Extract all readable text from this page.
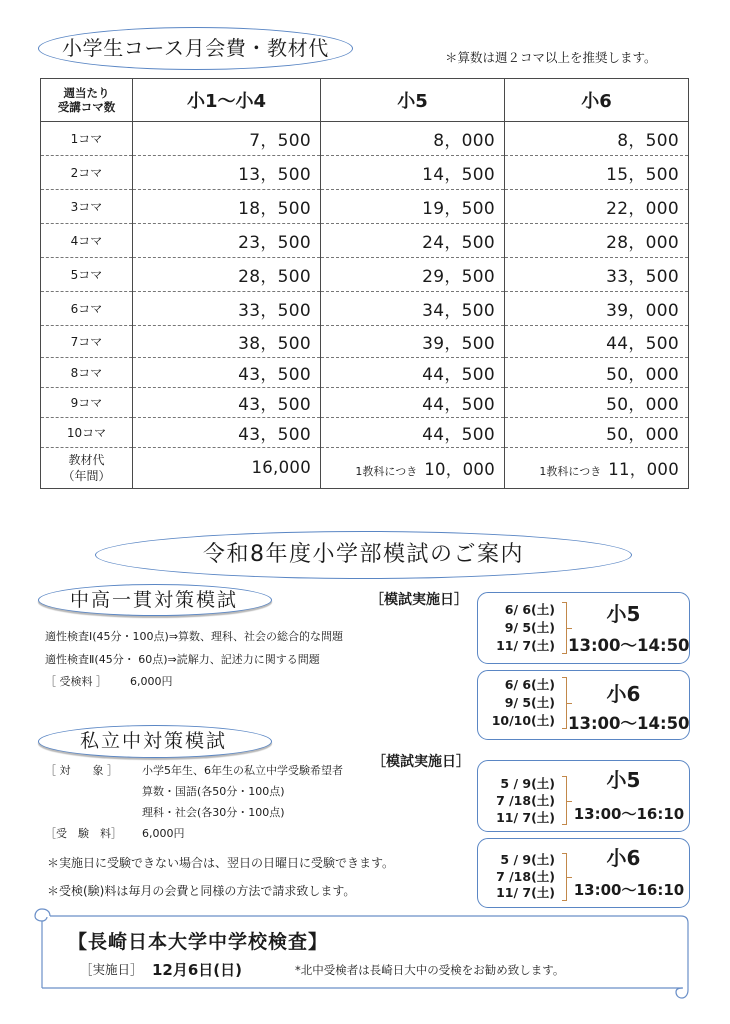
小学生コース月会費・教材代	＊算数は週２コマ以上を推奨します。
週当たり
受講コマ数	小1～小4	小5	小6
1コマ	7，500	8，000	8，500
2コマ	13，500	14，500	15，500
3コマ	18，500	19，500	22，000
4コマ	23，500	24，500	28，000
5コマ	28，500	29，500	33，500
6コマ	33，500	34，500	39，000
7コマ	38，500	39，500	44，500
8コマ	43，500	44，500	50，000
9コマ	43，500	44，500	50，000
10コマ	43，500	44，500	50，000
教材代
（年間）	16,000	1教科につき 10，000	1教科につき 11，000
令和8年度小学部模試のご案内
中高一貫対策模試	［模試実施日］
適性検査Ⅰ(45分・100点)⇒算数、理科、社会の総合的な問題
適性検査Ⅱ(45分・ 60点)⇒読解力、記述力に関する問題
［ 受検料 ］ 6,000円
6/ 6(土)
9/ 5(土)
11/ 7(土)
小5
13:00～14:50
6/ 6(土)
9/ 5(土)
10/10(土)
小6
13:00～14:50
私立中対策模試
［模試実施日］
［ 対　　象 ］ 小学5年生、6年生の私立中学受験希望者
算数・国語(各50分・100点)
理科・社会(各30分・100点)
［受　験　料］ 6,000円
＊実施日に受験できない場合は、翌日の日曜日に受験できます。
＊受検(験)料は毎月の会費と同様の方法で請求致します。
5 / 9(土)
7 /18(土)
11/ 7(土)
小5
13:00～16:10
5 / 9(土)
7 /18(土)
11/ 7(土)
小6
13:00～16:10
【長崎日本大学中学校検査】
［実施日］ 12月6日(日)	*北中受検者は長崎日大中の受検をお勧め致します。
